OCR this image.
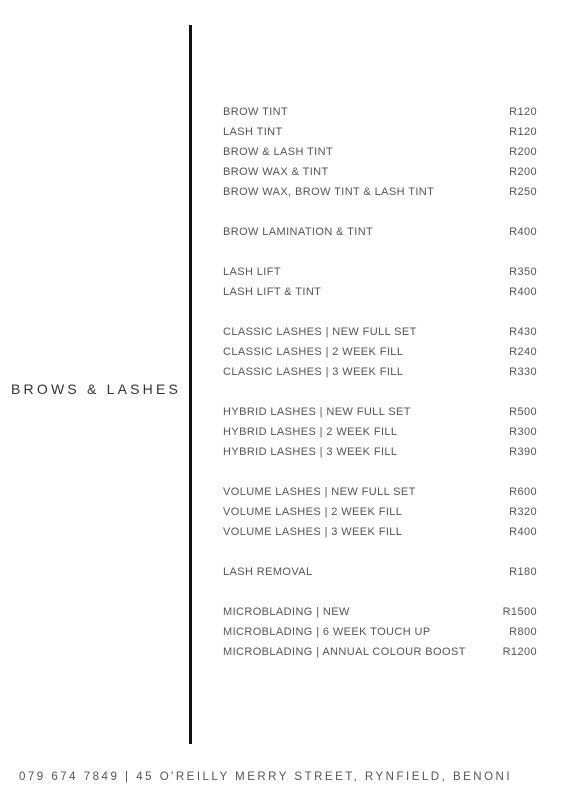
BROWS & LASHES
BROW TINT	R120
LASH TINT	R120
BROW & LASH TINT	R200
BROW WAX & TINT	R200
BROW WAX, BROW TINT & LASH TINT	R250
BROW LAMINATION & TINT	R400
LASH LIFT	R350
LASH LIFT & TINT	R400
CLASSIC LASHES | NEW FULL SET	R430
CLASSIC LASHES | 2 WEEK FILL	R240
CLASSIC LASHES | 3 WEEK FILL	R330
HYBRID LASHES | NEW FULL SET	R500
HYBRID LASHES | 2 WEEK FILL	R300
HYBRID LASHES | 3 WEEK FILL	R390
VOLUME LASHES | NEW FULL SET	R600
VOLUME LASHES | 2 WEEK FILL	R320
VOLUME LASHES | 3 WEEK FILL	R400
LASH REMOVAL	R180
MICROBLADING | NEW	R1500
MICROBLADING | 6 WEEK TOUCH UP	R800
MICROBLADING | ANNUAL COLOUR BOOST	R1200
079 674 7849 | 45 O'REILLY MERRY STREET, RYNFIELD, BENONI
